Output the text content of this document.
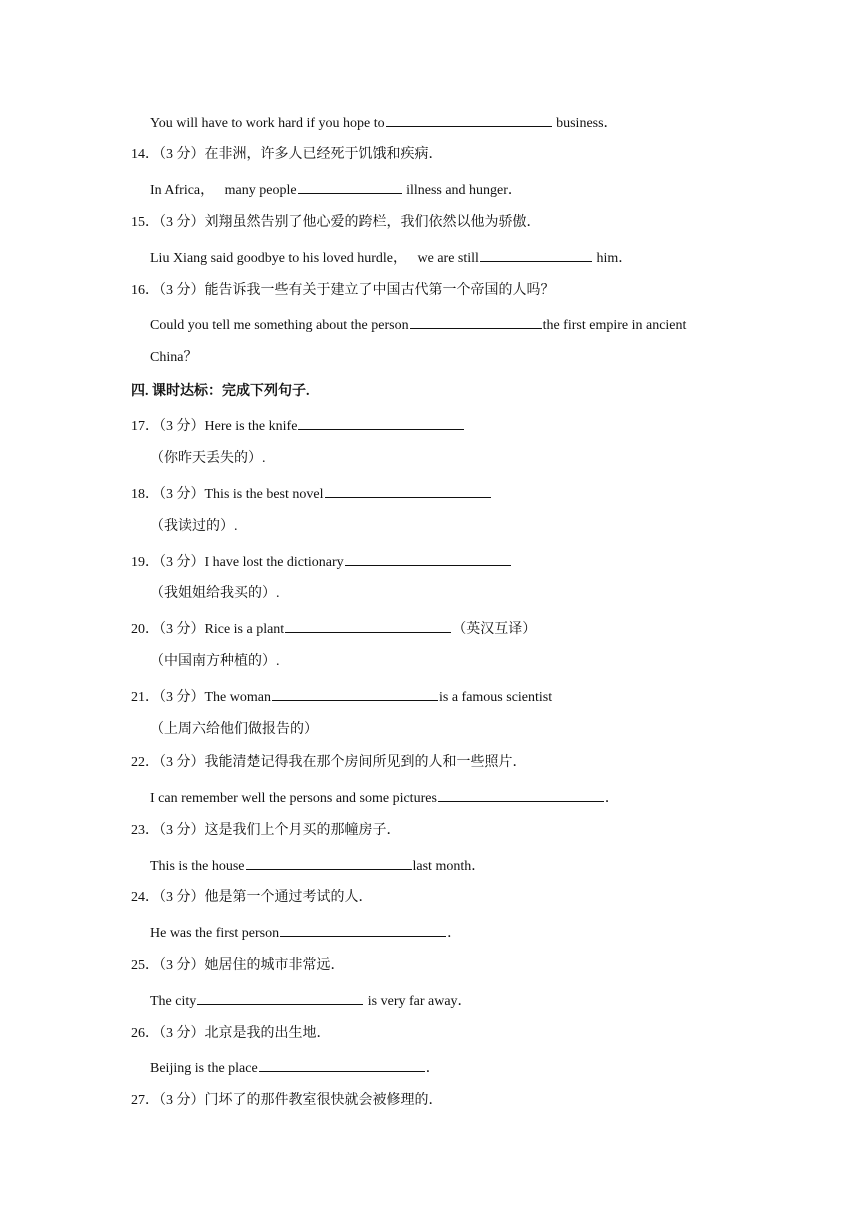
You will have to work hard if you hope to	business．
14．（3 分）在非洲，许多人已经死于饥饿和疾病．
In Africa，   many people	illness and hunger．
15．（3 分）刘翔虽然告别了他心爱的跨栏，我们依然以他为骄傲．
Liu Xiang said goodbye to his loved hurdle，   we are still	him．
16．（3 分）能告诉我一些有关于建立了中国古代第一个帝国的人吗？
Could you tell me something about the person	the first empire in ancient
China？
四. 课时达标：完成下列句子.
17．（3 分）Here is the knife
（你昨天丢失的）.
18．（3 分）This is the best novel
（我读过的）.
19．（3 分）I have lost the dictionary
（我姐姐给我买的）.
20．（3 分）Rice is a plant	（英汉互译）
（中国南方种植的）.
21．（3 分）The woman	is a famous scientist
（上周六给他们做报告的）
22．（3 分）我能清楚记得我在那个房间所见到的人和一些照片．
I can remember well the persons and some pictures	．
23．（3 分）这是我们上个月买的那幢房子．
This is the house	last month．
24．（3 分）他是第一个通过考试的人．
He was the first person	．
25．（3 分）她居住的城市非常远．
The city	is very far away．
26．（3 分）北京是我的出生地．
Beijing is the place	．
27．（3 分）门坏了的那件教室很快就会被修理的．
